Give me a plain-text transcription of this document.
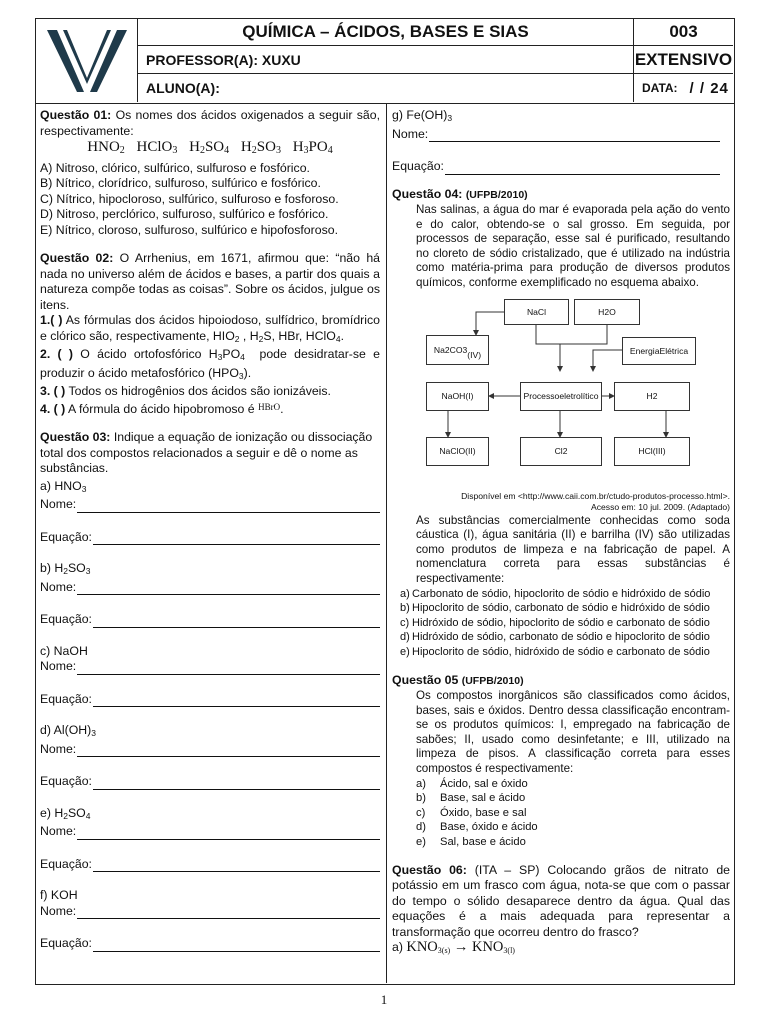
QUÍMICA – ÁCIDOS, BASES E SIAS	003
PROFESSOR(A): XUXU	EXTENSIVO
ALUNO(A):	DATA: / / 24
Questão 01: Os nomes dos ácidos oxigenados a seguir são, respectivamente:
$HNO_2$ HClO$_3$ $H_2SO_4$ $H_2SO_3$ $H_3PO_4$
A) Nitroso, clórico, sulfúrico, sulfuroso e fosfórico.
B) Nítrico, clorídrico, sulfuroso, sulfúrico e fosfórico.
C) Nítrico, hipocloroso, sulfúrico, sulfuroso e fosforoso.
D) Nitroso, perclórico, sulfuroso, sulfúrico e fosfórico.
E) Nítrico, cloroso, sulfuroso, sulfúrico e hipofosforoso.
Questão 02: O Arrhenius, em 1671, afirmou que: “não há nada no universo além de ácidos e bases, a partir dos quais a natureza compõe todas as coisas”. Sobre os ácidos, julgue os itens.
1.( ) As fórmulas dos ácidos hipoiodoso, sulfídrico, bromídrico e clórico são, respectivamente, $HIO_2$ , $H_2S$, HBr, HClO$_4$.
2. ( ) O ácido ortofosfórico $H_3PO_4$  pode desidratar-se e produzir o ácido metafosfórico $(HPO_3)$.
3. ( ) Todos os hidrogênios dos ácidos são ionizáveis.
4. ( ) A fórmula do ácido hipobromoso é $^{HBrO}$.
Questão 03: Indique a equação de ionização ou dissociação total dos compostos relacionados a seguir e dê o nome as substâncias.
a) $HNO_3$
Nome:
Equação:
b) $H_2SO_3$
Nome:
Equação:
c) NaOH
Nome:
Equação:
d) $Al(OH)_3$
Nome:
Equação:
e) $H_2SO_4$
Nome:
Equação:
f) KOH
Nome:
Equação:
g) $Fe(OH)_3$
Nome:
Equação:
Questão 04: (UFPB/2010)
Nas salinas, a água do mar é evaporada pela ação do vento e do calor, obtendo-se o sal grosso. Em seguida, por processos de separação, esse sal é purificado, resultando no cloreto de sódio cristalizado, que é utilizado na indústria como matéria-prima para produção de diversos produtos químicos, conforme exemplificado no esquema abaixo.
NaCl	H 2 O
Na 2 CO 3 (IV)	Energia Elétrica
NaOH(I)	Processo eletrolítico	H 2
NaClO(II)	Cl 2	HCl(III)
Disponível em <http://www.caii.com.br/ctudo-produtos-processo.html>.
Acesso em: 10 jul. 2009. (Adaptado)
As substâncias comercialmente conhecidas como soda cáustica (I), água sanitária (II) e barrilha (IV) são utilizadas como produtos de limpeza e na fabricação de papel. A nomenclatura correta para essas substâncias é respectivamente:
a) Carbonato de sódio, hipoclorito de sódio e hidróxido de sódio
b) Hipoclorito de sódio, carbonato de sódio e hidróxido de sódio
c) Hidróxido de sódio, hipoclorito de sódio e carbonato de sódio
d) Hidróxido de sódio, carbonato de sódio e hipoclorito de sódio
e) Hipoclorito de sódio, hidróxido de sódio e carbonato de sódio
Questão 05 (UFPB/2010)
Os compostos inorgânicos são classificados como ácidos, bases, sais e óxidos. Dentro dessa classificação encontram-se os produtos químicos: I, empregado na fabricação de sabões; II, usado como desinfetante; e III, utilizado na limpeza de pisos. A classificação correta para esses compostos é respectivamente:
a)	Ácido, sal e óxido
b)	Base, sal e ácido
c)	Óxido, base e sal
d)	Base, óxido e ácido
e)	Sal, base e ácido
Questão 06: (ITA – SP) Colocando grãos de nitrato de potássio em um frasco com água, nota-se que com o passar do tempo o sólido desaparece dentro da água. Qual das equações é a mais adequada para representar a transformação que ocorreu dentro do frasco?
a) $KNO_{3(s)} \to KNO_{3(l)}$
1
